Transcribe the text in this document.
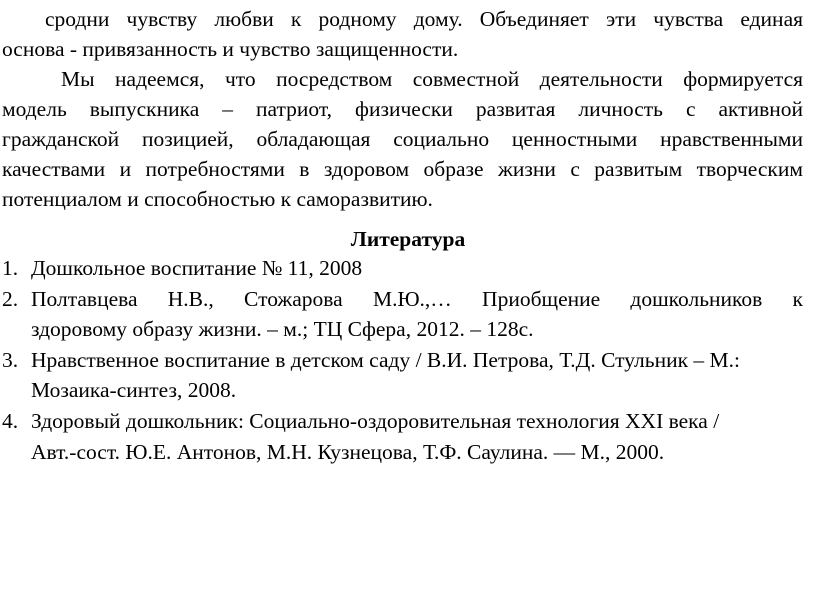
сродни чувству любви к родному дому. Объединяет эти чувства единая
основа - привязанность и чувство защищенности.
Мы надеемся, что посредством совместной деятельности формируется
модель выпускника – патриот, физически развитая личность с активной
гражданской позицией, обладающая социально ценностными нравственными
качествами и потребностями в здоровом образе жизни с развитым творческим
потенциалом и способностью к саморазвитию.
Литература
1. Дошкольное воспитание № 11, 2008
2. Полтавцева Н.В., Стожарова М.Ю.,… Приобщение дошкольников к
здоровому образу жизни. – м.; ТЦ Сфера, 2012. – 128с.
3. Нравственное воспитание в детском саду / В.И. Петрова, Т.Д. Стульник – М.:
Мозаика-синтез, 2008.
4. Здоровый дошкольник: Социально-оздоровительная технология XXI века /
Авт.-сост. Ю.Е. Антонов, М.Н. Кузнецова, Т.Ф. Саулина. — М., 2000.
